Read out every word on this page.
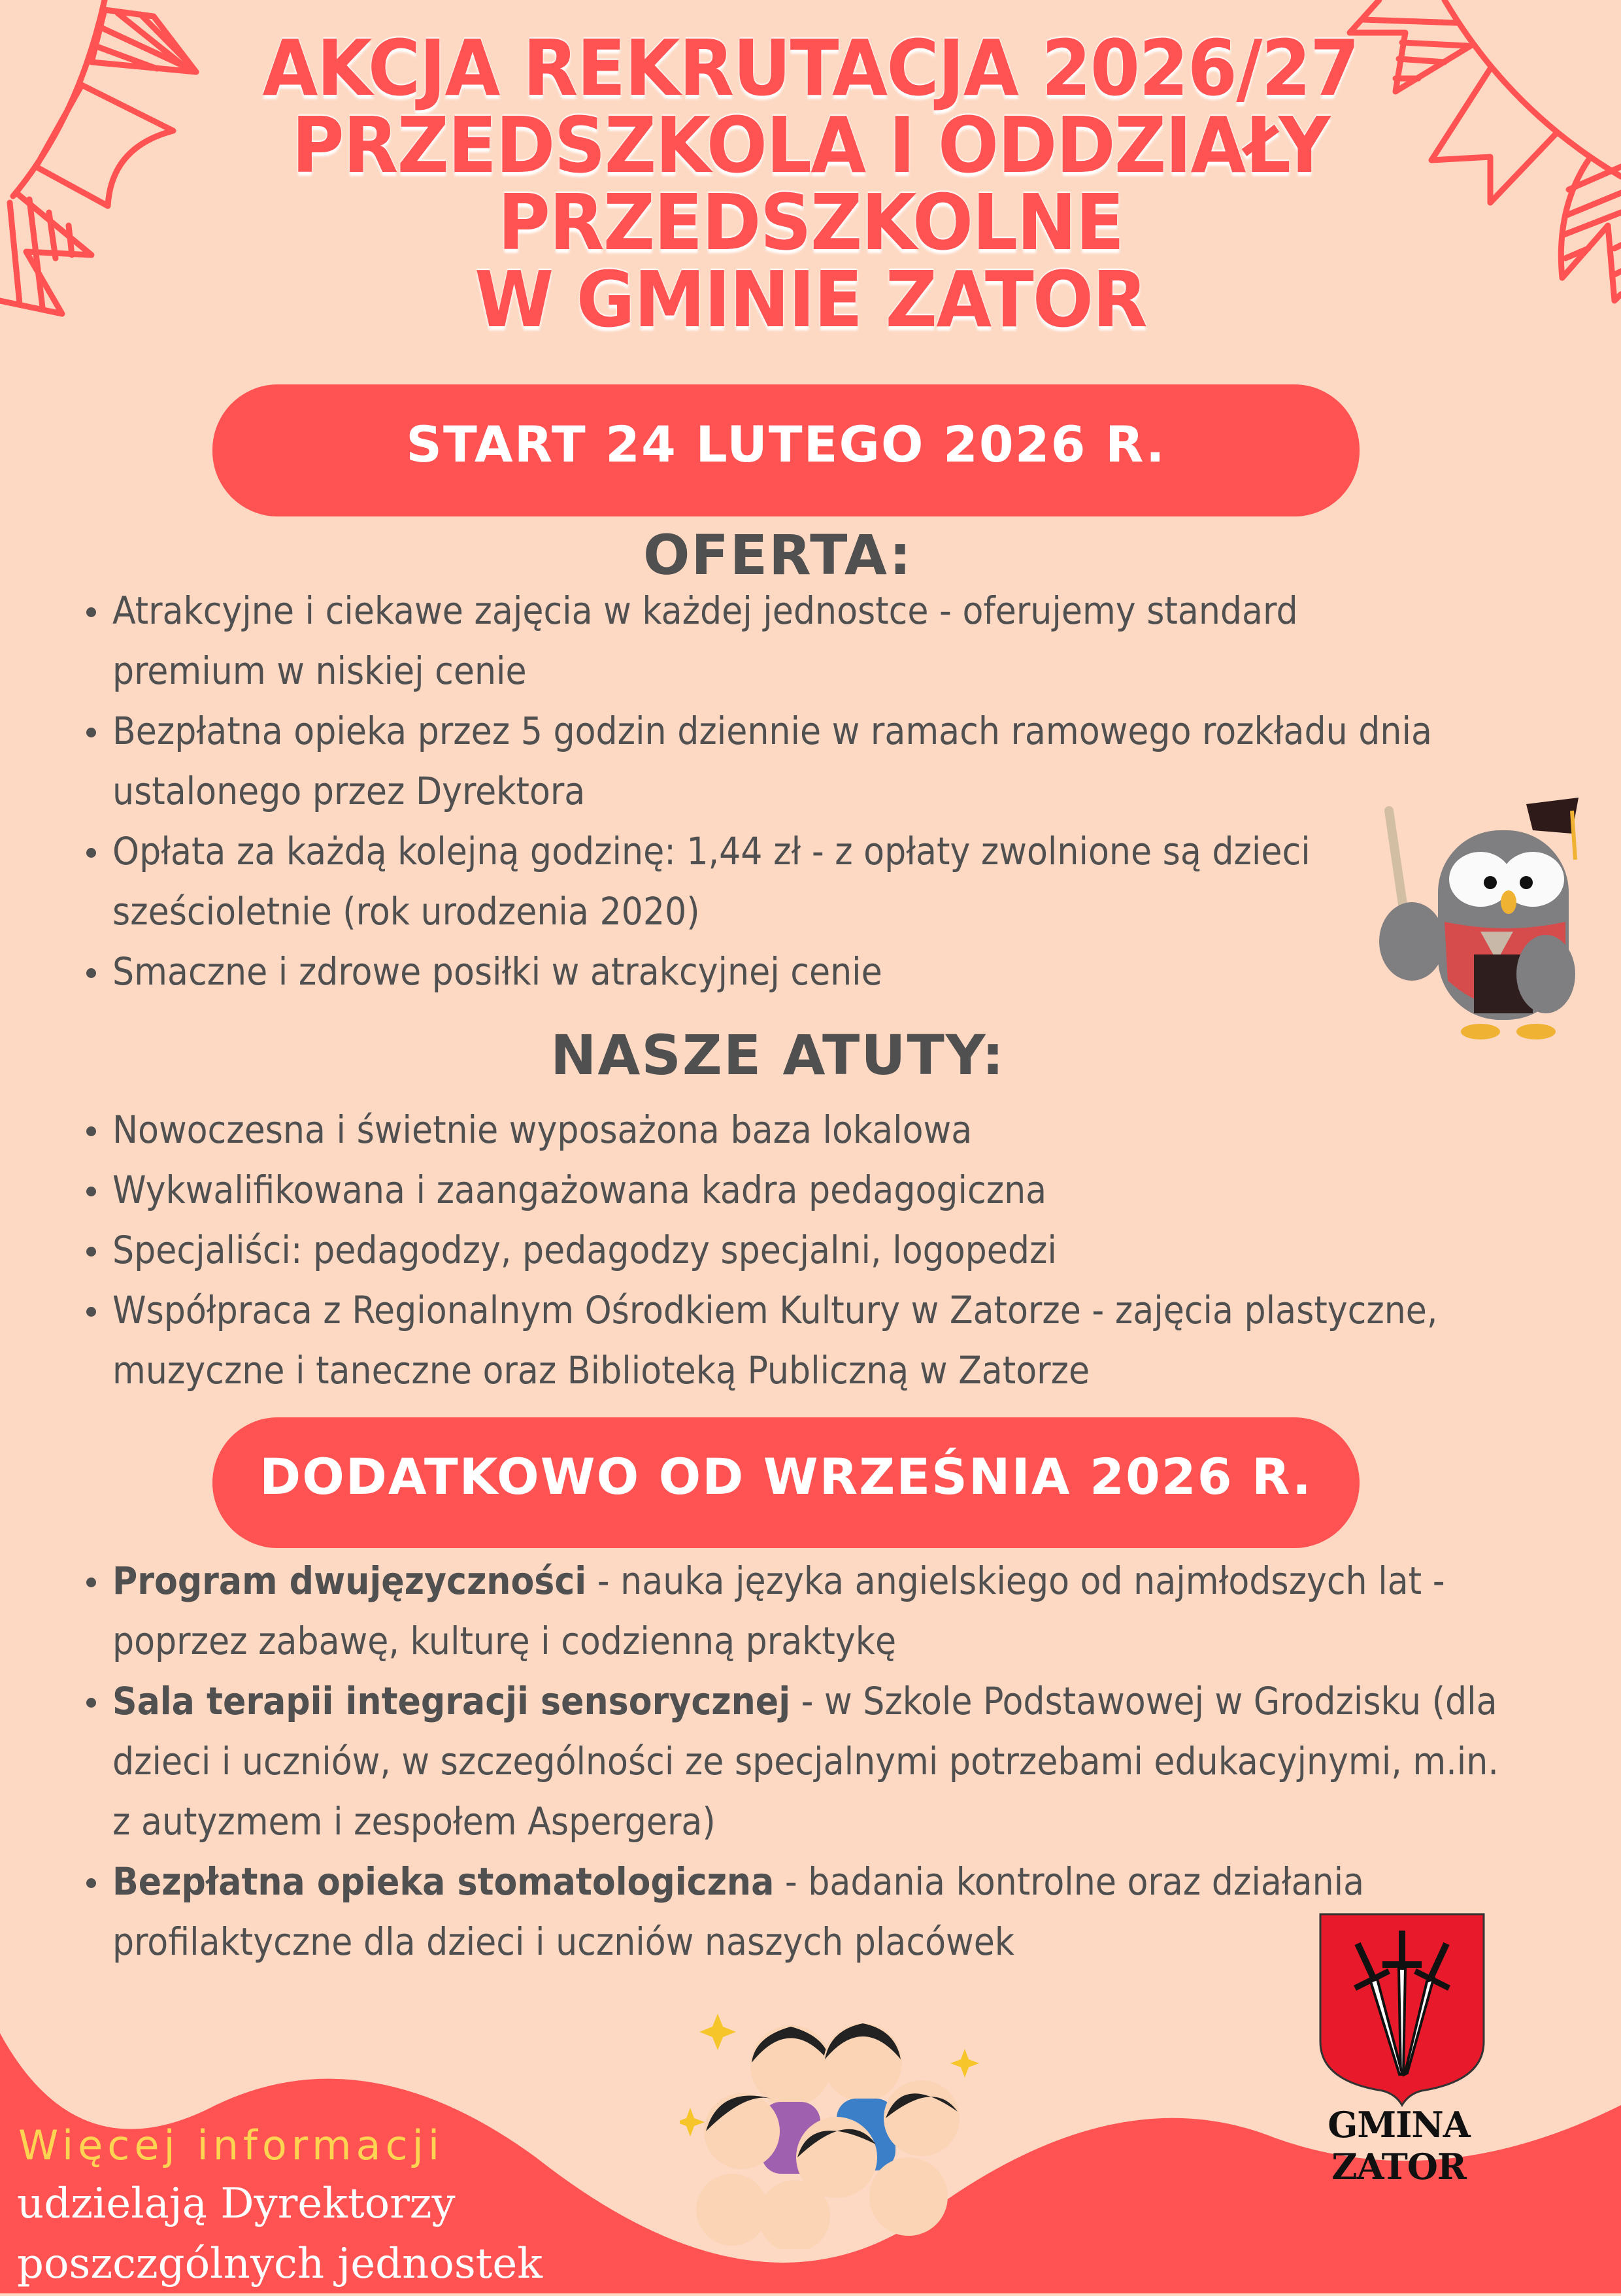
AKCJA REKRUTACJA 2026/27
PRZEDSZKOLA I ODDZIAŁY
PRZEDSZKOLNE
W GMINIE ZATOR
START 24 LUTEGO 2026 R.
OFERTA:
Atrakcyjne i ciekawe zajęcia w każdej jednostce - oferujemy standard premium w niskiej cenie
Bezpłatna opieka przez 5 godzin dziennie w ramach ramowego rozkładu dnia ustalonego przez Dyrektora
Opłata za każdą kolejną godzinę: 1,44 zł - z opłaty zwolnione są dzieci sześcioletnie (rok urodzenia 2020)
Smaczne i zdrowe posiłki w atrakcyjnej cenie
NASZE ATUTY:
Nowoczesna i świetnie wyposażona baza lokalowa
Wykwalifikowana i zaangażowana kadra pedagogiczna
Specjaliści: pedagodzy, pedagodzy specjalni, logopedzi
Współpraca z Regionalnym Ośrodkiem Kultury w Zatorze - zajęcia plastyczne, muzyczne i taneczne oraz Biblioteką Publiczną w Zatorze
DODATKOWO OD WRZEŚNIA 2026 R.
Program dwujęzyczności - nauka języka angielskiego od najmłodszych lat - poprzez zabawę, kulturę i codzienną praktykę
Sala terapii integracji sensorycznej - w Szkole Podstawowej w Grodzisku (dla dzieci i uczniów, w szczególności ze specjalnymi potrzebami edukacyjnymi, m.in. z autyzmem i zespołem Aspergera)
Bezpłatna opieka stomatologiczna - badania kontrolne oraz działania profilaktyczne dla dzieci i uczniów naszych placówek
Więcej informacji
udzielają Dyrektorzy
poszczgólnych jednostek
GMINA ZATOR
